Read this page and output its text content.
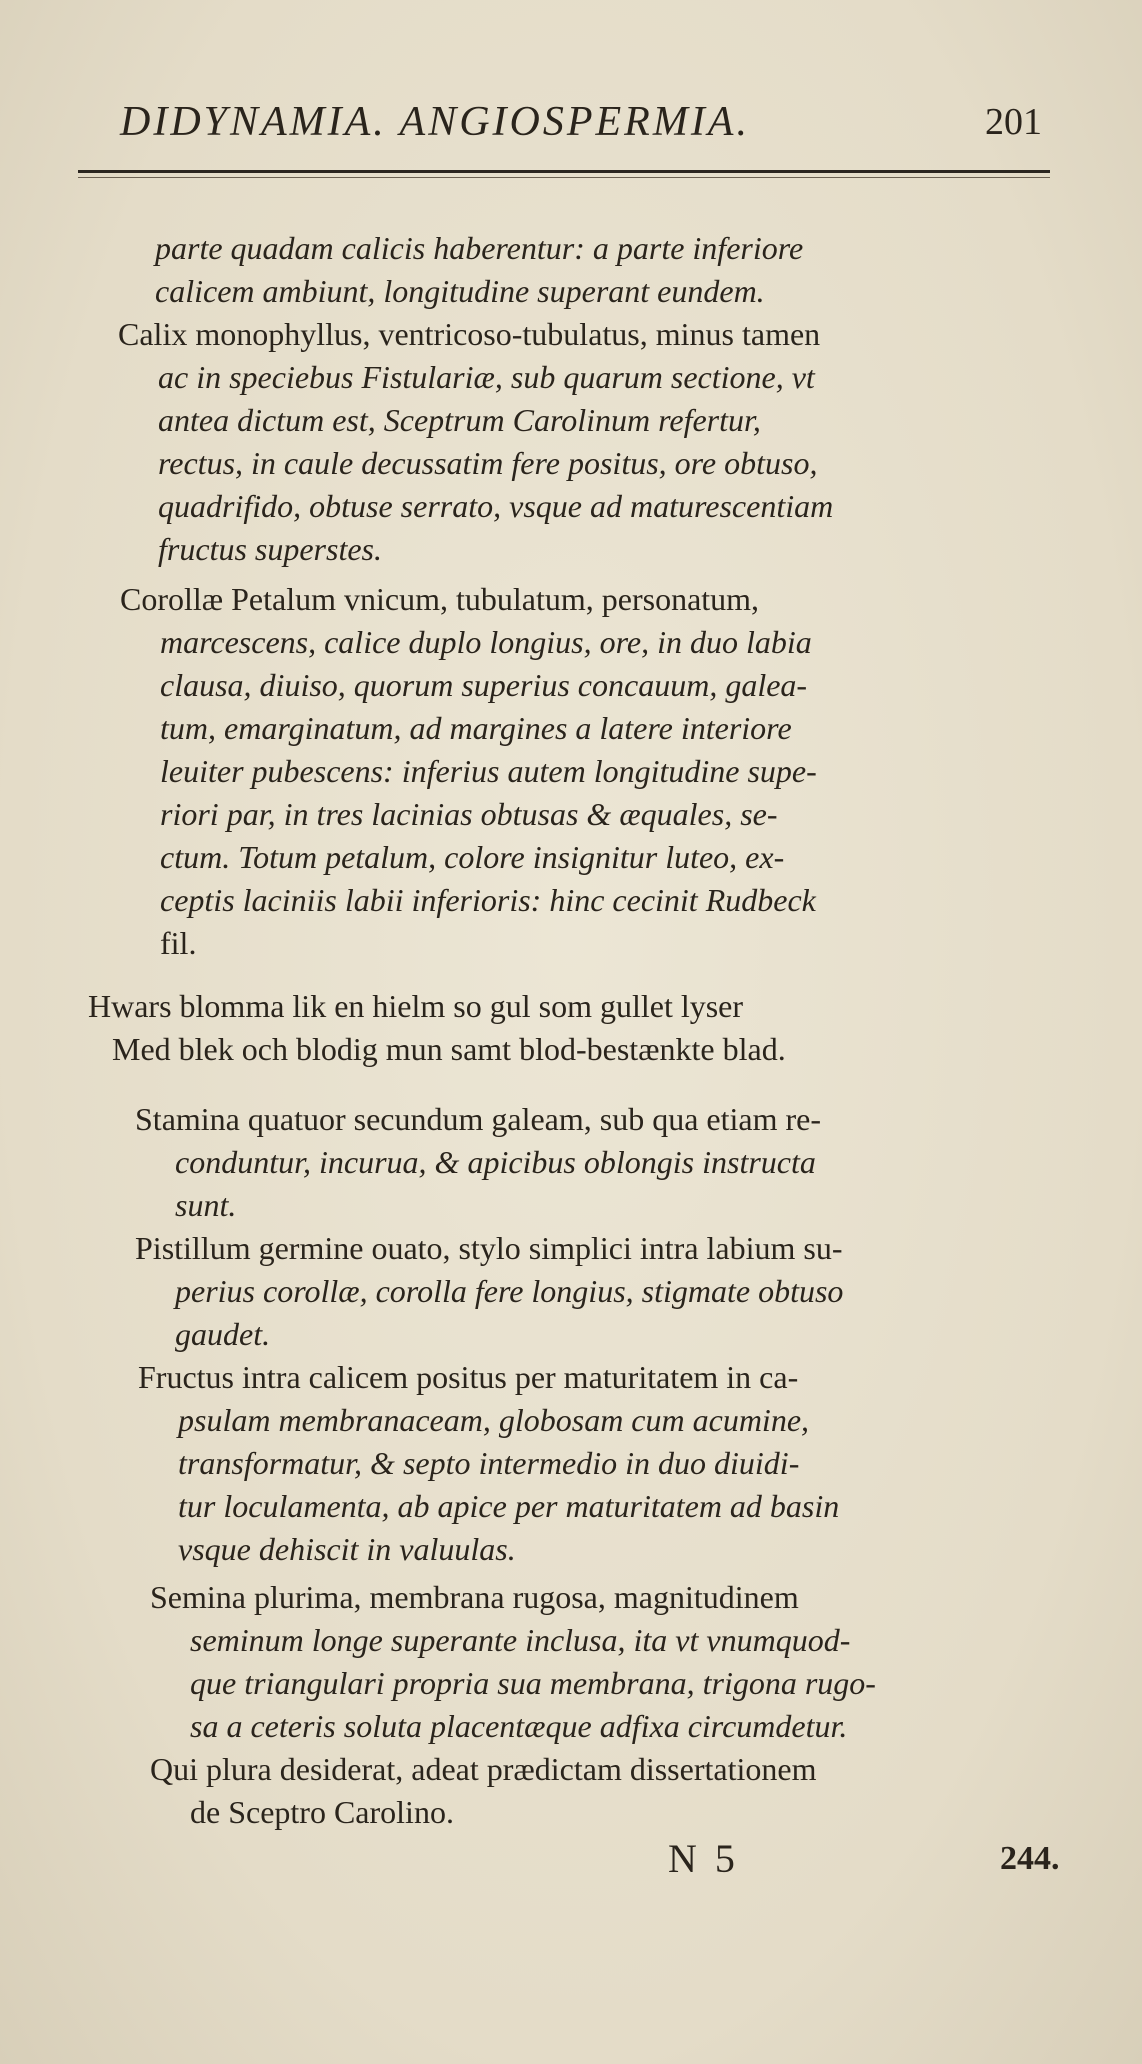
DIDYNAMIA. ANGIOSPERMIA.	201
parte quadam calicis haberentur: a parte inferiore
calicem ambiunt, longitudine superant eundem.
Calix monophyllus, ventricoso-tubulatus, minus tamen
ac in speciebus Fistulariæ, sub quarum sectione, vt
antea dictum est, Sceptrum Carolinum refertur,
rectus, in caule decussatim fere positus, ore obtuso,
quadrifido, obtuse serrato, vsque ad maturescentiam
fructus superstes.
Corollæ Petalum vnicum, tubulatum, personatum,
marcescens, calice duplo longius, ore, in duo labia
clausa, diuiso, quorum superius concauum, galea-
tum, emarginatum, ad margines a latere interiore
leuiter pubescens: inferius autem longitudine supe-
riori par, in tres lacinias obtusas & æquales, se-
ctum. Totum petalum, colore insignitur luteo, ex-
ceptis laciniis labii inferioris: hinc cecinit Rudbeck
fil.
Hwars blomma lik en hielm so gul som gullet lyser
Med blek och blodig mun samt blod-bestænkte blad.
Stamina quatuor secundum galeam, sub qua etiam re-
conduntur, incurua, & apicibus oblongis instructa
sunt.
Pistillum germine ouato, stylo simplici intra labium su-
perius corollæ, corolla fere longius, stigmate obtuso
gaudet.
Fructus intra calicem positus per maturitatem in ca-
psulam membranaceam, globosam cum acumine,
transformatur, & septo intermedio in duo diuidi-
tur loculamenta, ab apice per maturitatem ad basin
vsque dehiscit in valuulas.
Semina plurima, membrana rugosa, magnitudinem
seminum longe superante inclusa, ita vt vnumquod-
que triangulari propria sua membrana, trigona rugo-
sa a ceteris soluta placentæque adfixa circumdetur.
Qui plura desiderat, adeat prædictam dissertationem
de Sceptro Carolino.
N 5	244.
